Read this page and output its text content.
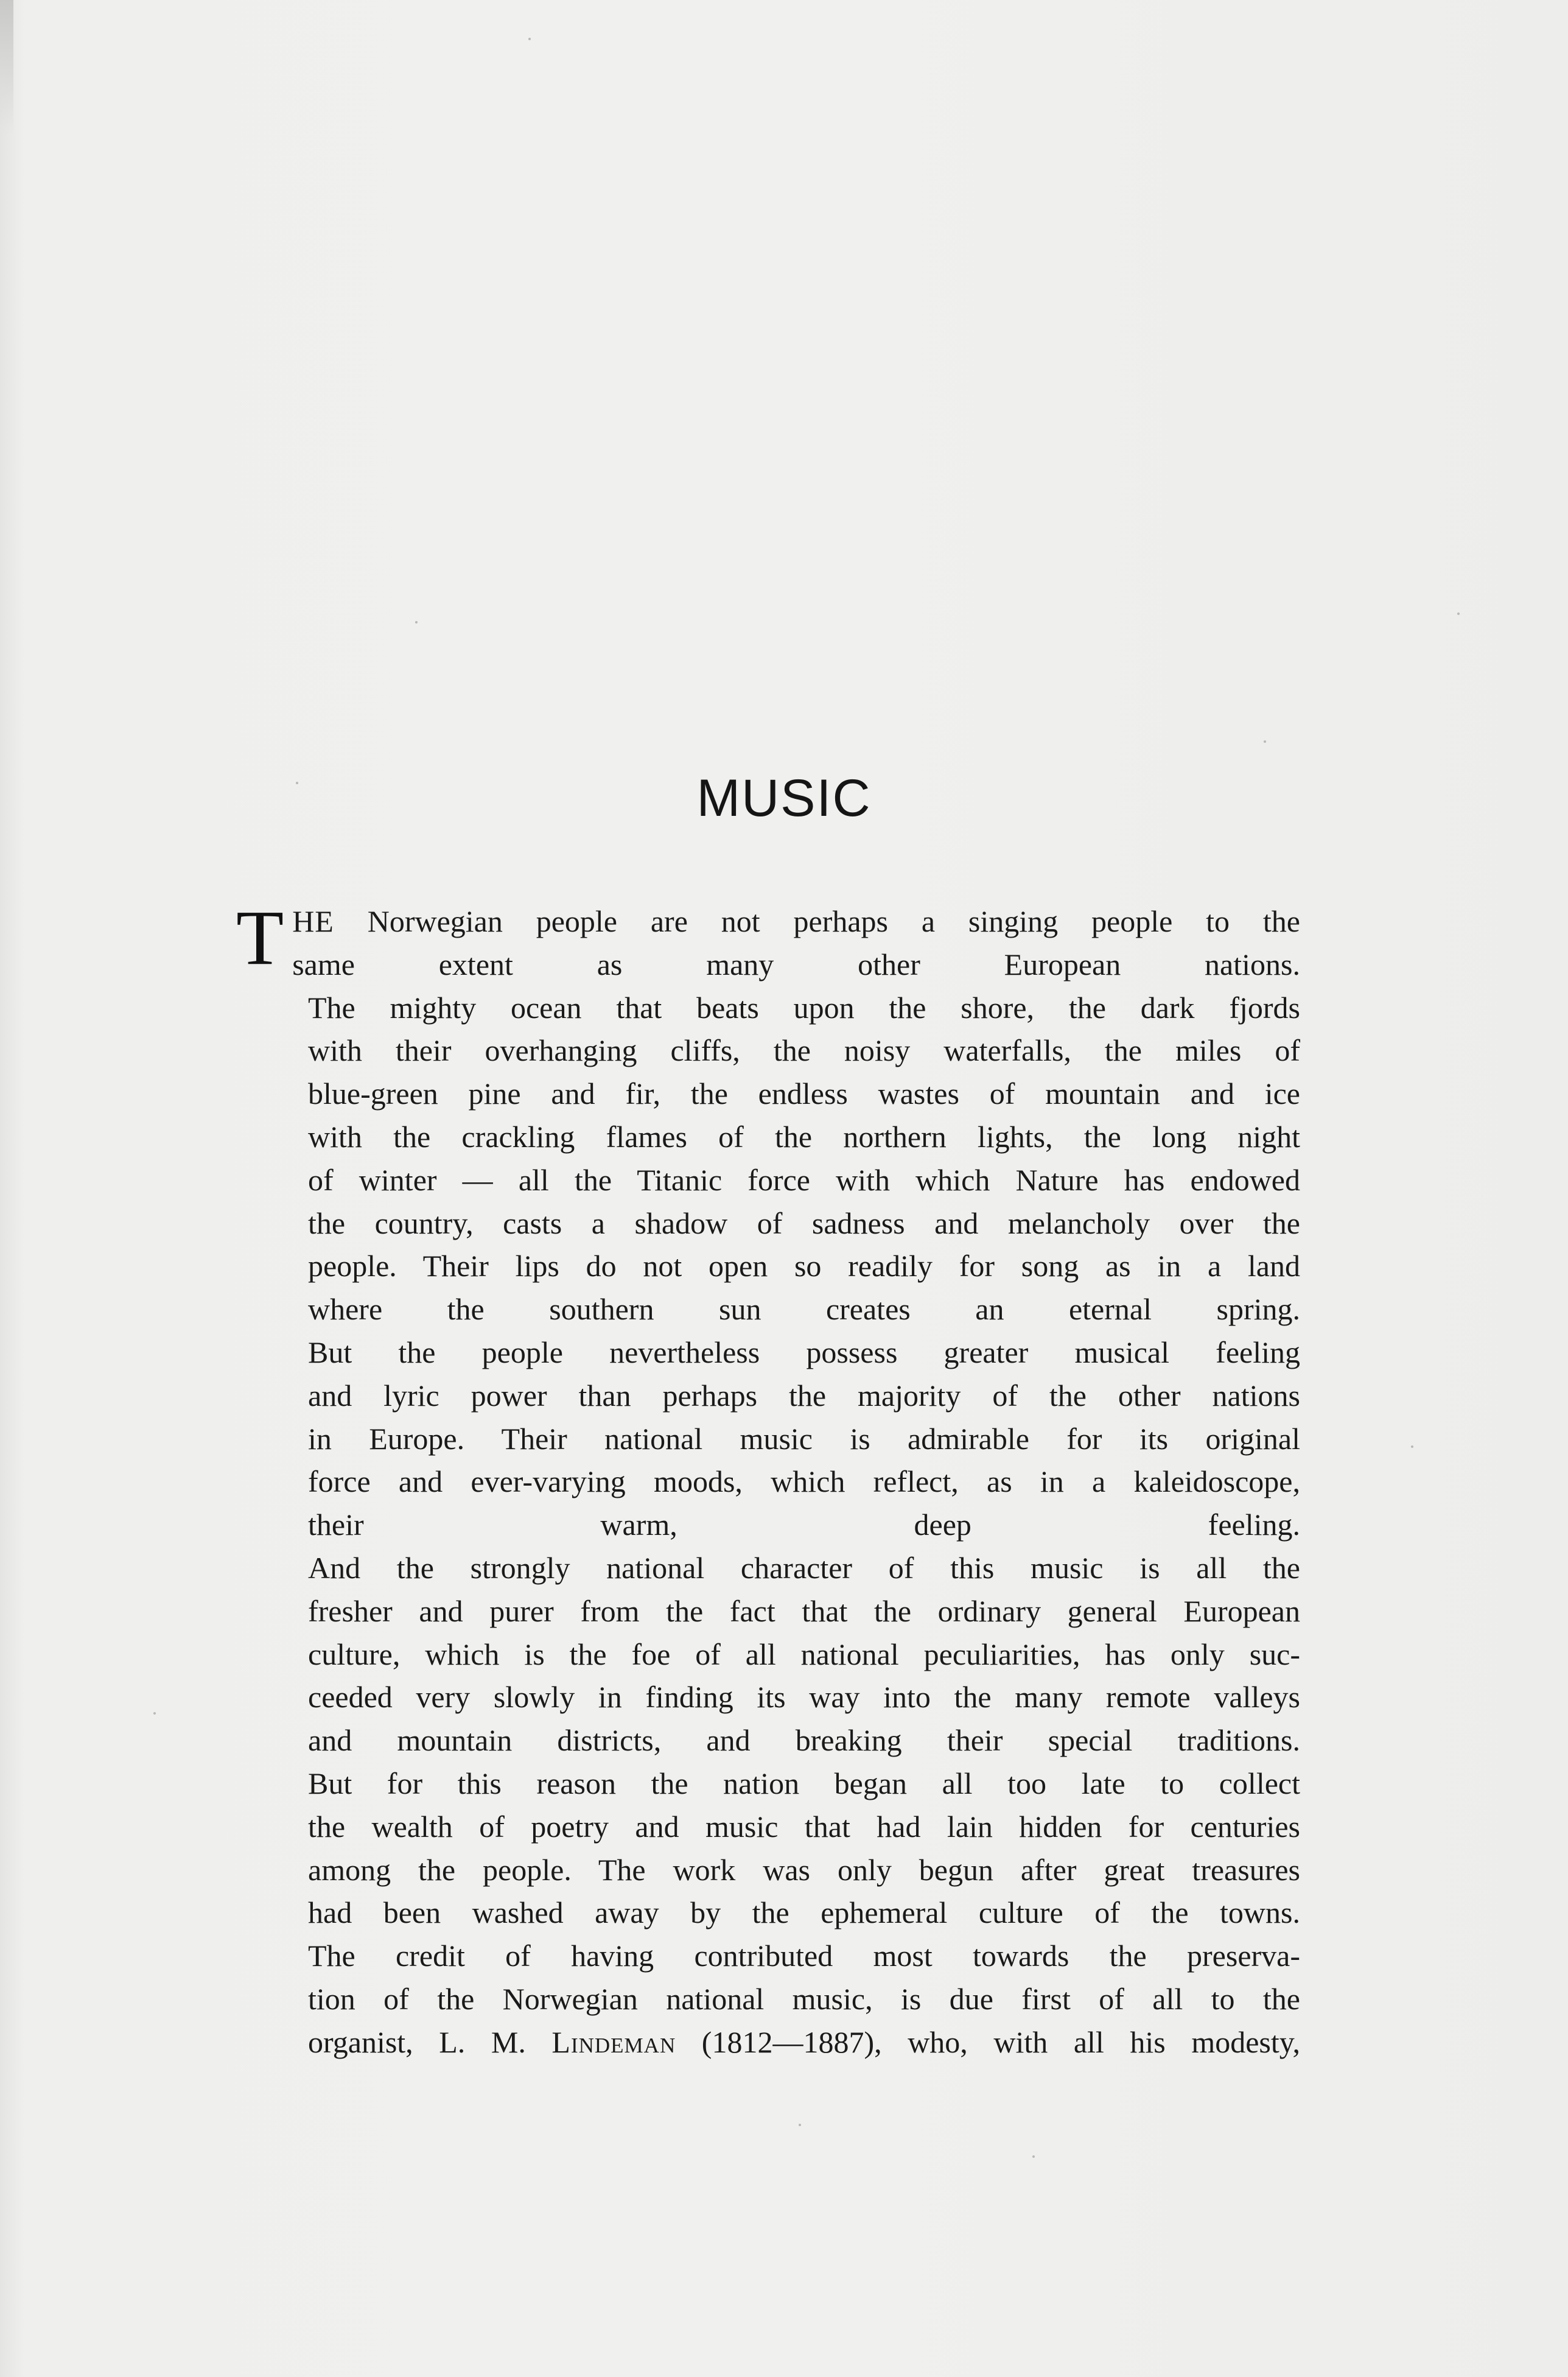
MUSIC

T HE Norwegian people are not perhaps a singing people to the
same extent as many other European nations.

The mighty ocean that beats upon the shore, the dark fjords
with their overhanging cliffs, the noisy waterfalls, the miles of
blue-green pine and fir, the endless wastes of mountain and ice
with the crackling flames of the northern lights, the long night
of winter — all the Titanic force with which Nature has endowed
the country, casts a shadow of sadness and melancholy over the
people. Their lips do not open so readily for song as in a land
where the southern sun creates an eternal spring.

But the people nevertheless possess greater musical feeling
and lyric power than perhaps the majority of the other nations
in Europe. Their national music is admirable for its original
force and ever-varying moods, which reflect, as in a kaleidoscope,
their warm, deep feeling.

And the strongly national character of this music is all the
fresher and purer from the fact that the ordinary general European
culture, which is the foe of all national peculiarities, has only suc-
ceeded very slowly in finding its way into the many remote valleys
and mountain districts, and breaking their special traditions.

But for this reason the nation began all too late to collect
the wealth of poetry and music that had lain hidden for centuries
among the people. The work was only begun after great treasures
had been washed away by the ephemeral culture of the towns.

The credit of having contributed most towards the preserva-
tion of the Norwegian national music, is due first of all to the
organist, L. M. Lindeman (1812—1887), who, with all his modesty,
